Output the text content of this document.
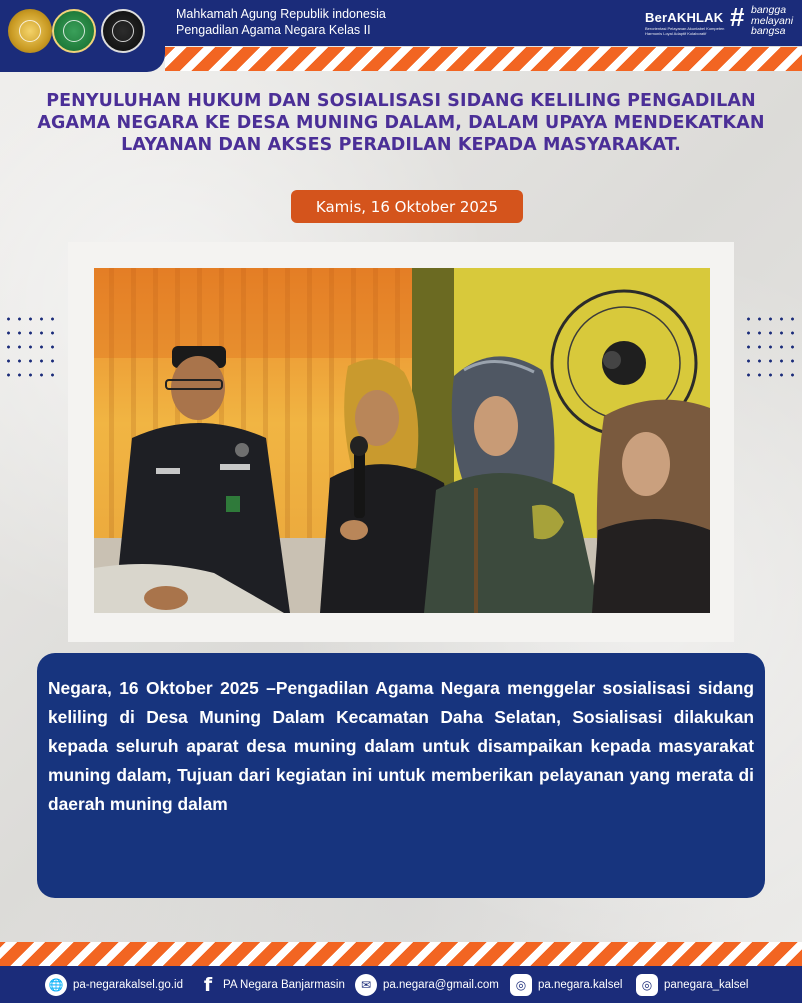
Mahkamah Agung Republik indonesia
Pengadilan Agama Negara Kelas II
BerAKHLAK
Berorientasi Pelayanan Akuntabel Kompeten Harmonis Loyal Adaptif Kolaboratif
# bangga
melayani
bangsa
PENYULUHAN HUKUM DAN SOSIALISASI SIDANG KELILING PENGADILAN AGAMA NEGARA KE DESA MUNING DALAM, DALAM UPAYA MENDEKATKAN LAYANAN DAN AKSES PERADILAN KEPADA MASYARAKAT.
Kamis, 16 Oktober 2025
Negara, 16 Oktober 2025 –Pengadilan Agama Negara menggelar sosialisasi sidang keliling di Desa Muning Dalam Kecamatan Daha Selatan, Sosialisasi dilakukan kepada seluruh aparat desa muning dalam untuk disampaikan kepada masyarakat muning dalam, Tujuan dari kegiatan ini untuk memberikan pelayanan yang merata di daerah muning dalam
🌐 pa-negarakalsel.go.id f PA Negara Banjarmasin	✉	pa.negara@gmail.com	◎	pa.negara.kalsel	◎	panegara_kalsel
